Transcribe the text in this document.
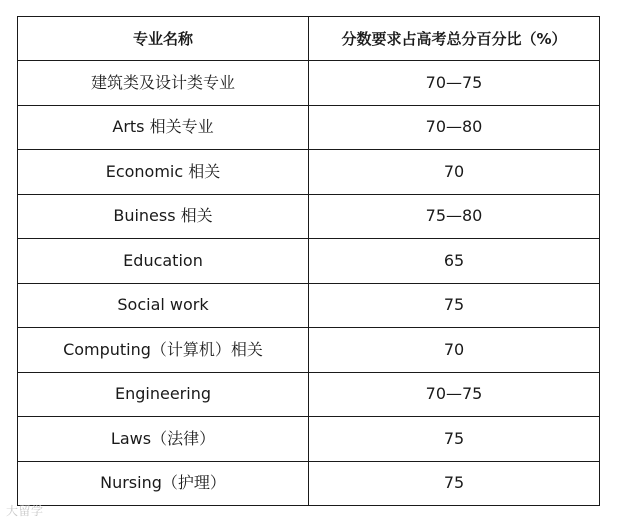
专业名称	分数要求占高考总分百分比（%）
建筑类及设计类专业	70—75
Arts 相关专业	70—80
Economic 相关	70
Buiness 相关	75—80
Education	65
Social work	75
Computing（计算机）相关	70
Engineering	70—75
Laws（法律）	75
Nursing（护理）	75
大留学
